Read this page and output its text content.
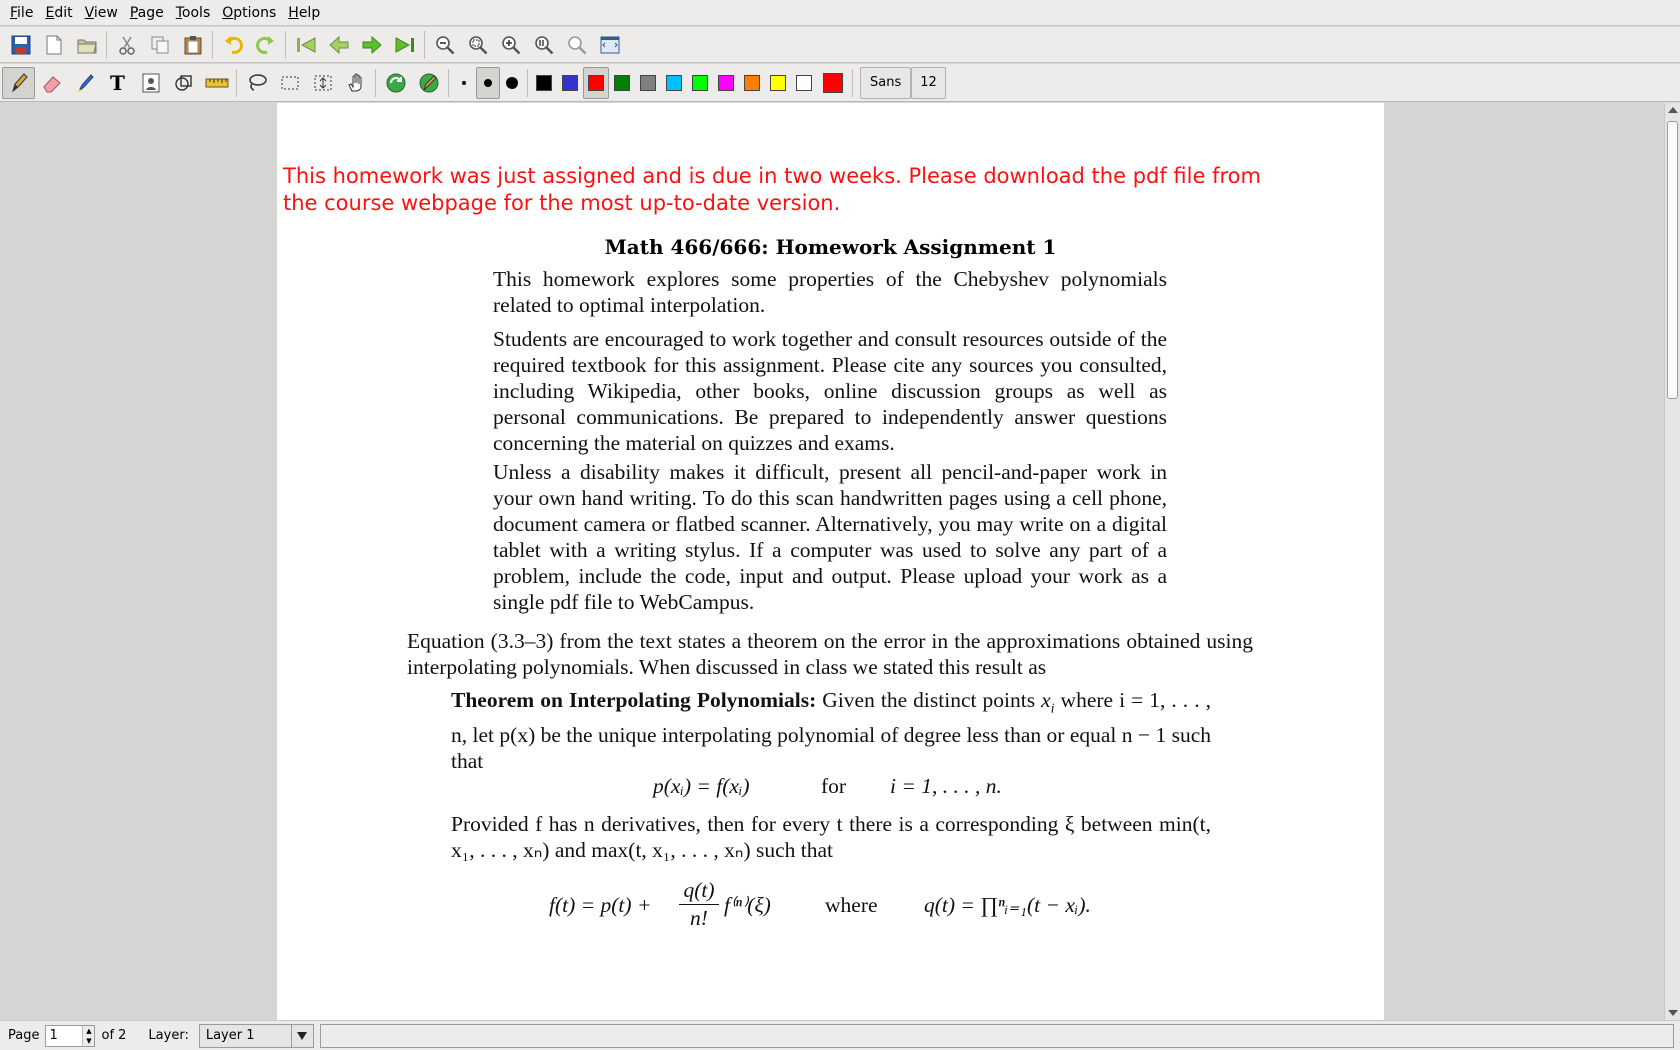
File Edit View Page Tools Options Help
T	Sans	12
This homework was just assigned and is due in two weeks. Please download the pdf file from
the course webpage for the most up-to-date version.
Math 466/666: Homework Assignment 1
This homework explores some properties of the Chebyshev polynomials related to optimal interpolation.
Students are encouraged to work together and consult resources outside of the required textbook for this assignment. Please cite any sources you consulted, including Wikipedia, other books, online discussion groups as well as personal communications. Be prepared to independently answer questions concerning the material on quizzes and exams.
Unless a disability makes it difficult, present all pencil-and-paper work in your own hand writing. To do this scan handwritten pages using a cell phone, document camera or flatbed scanner. Alternatively, you may write on a digital tablet with a writing stylus. If a computer was used to solve any part of a problem, include the code, input and output. Please upload your work as a single pdf file to WebCampus.
Equation (3.3–3) from the text states a theorem on the error in the approximations obtained using interpolating polynomials. When discussed in class we stated this result as
Theorem on Interpolating Polynomials: Given the distinct points $x_i$ where i = 1, . . . , n, let p(x) be the unique interpolating polynomial of degree less than or equal n − 1 such that
p(xᵢ) = f(xᵢ)	for i = 1, . . . , n.
Provided f has n derivatives, then for every t there is a corresponding ξ between min(t, x₁, . . . , xₙ) and max(t, x₁, . . . , xₙ) such that
f(t) = p(t) +
q(t)
n!
f⁽ⁿ⁾(ξ)	where q(t) = ∏ⁿᵢ₌₁(t − xᵢ).
Page 1	▲
▼ of 2 Layer: Layer 1
